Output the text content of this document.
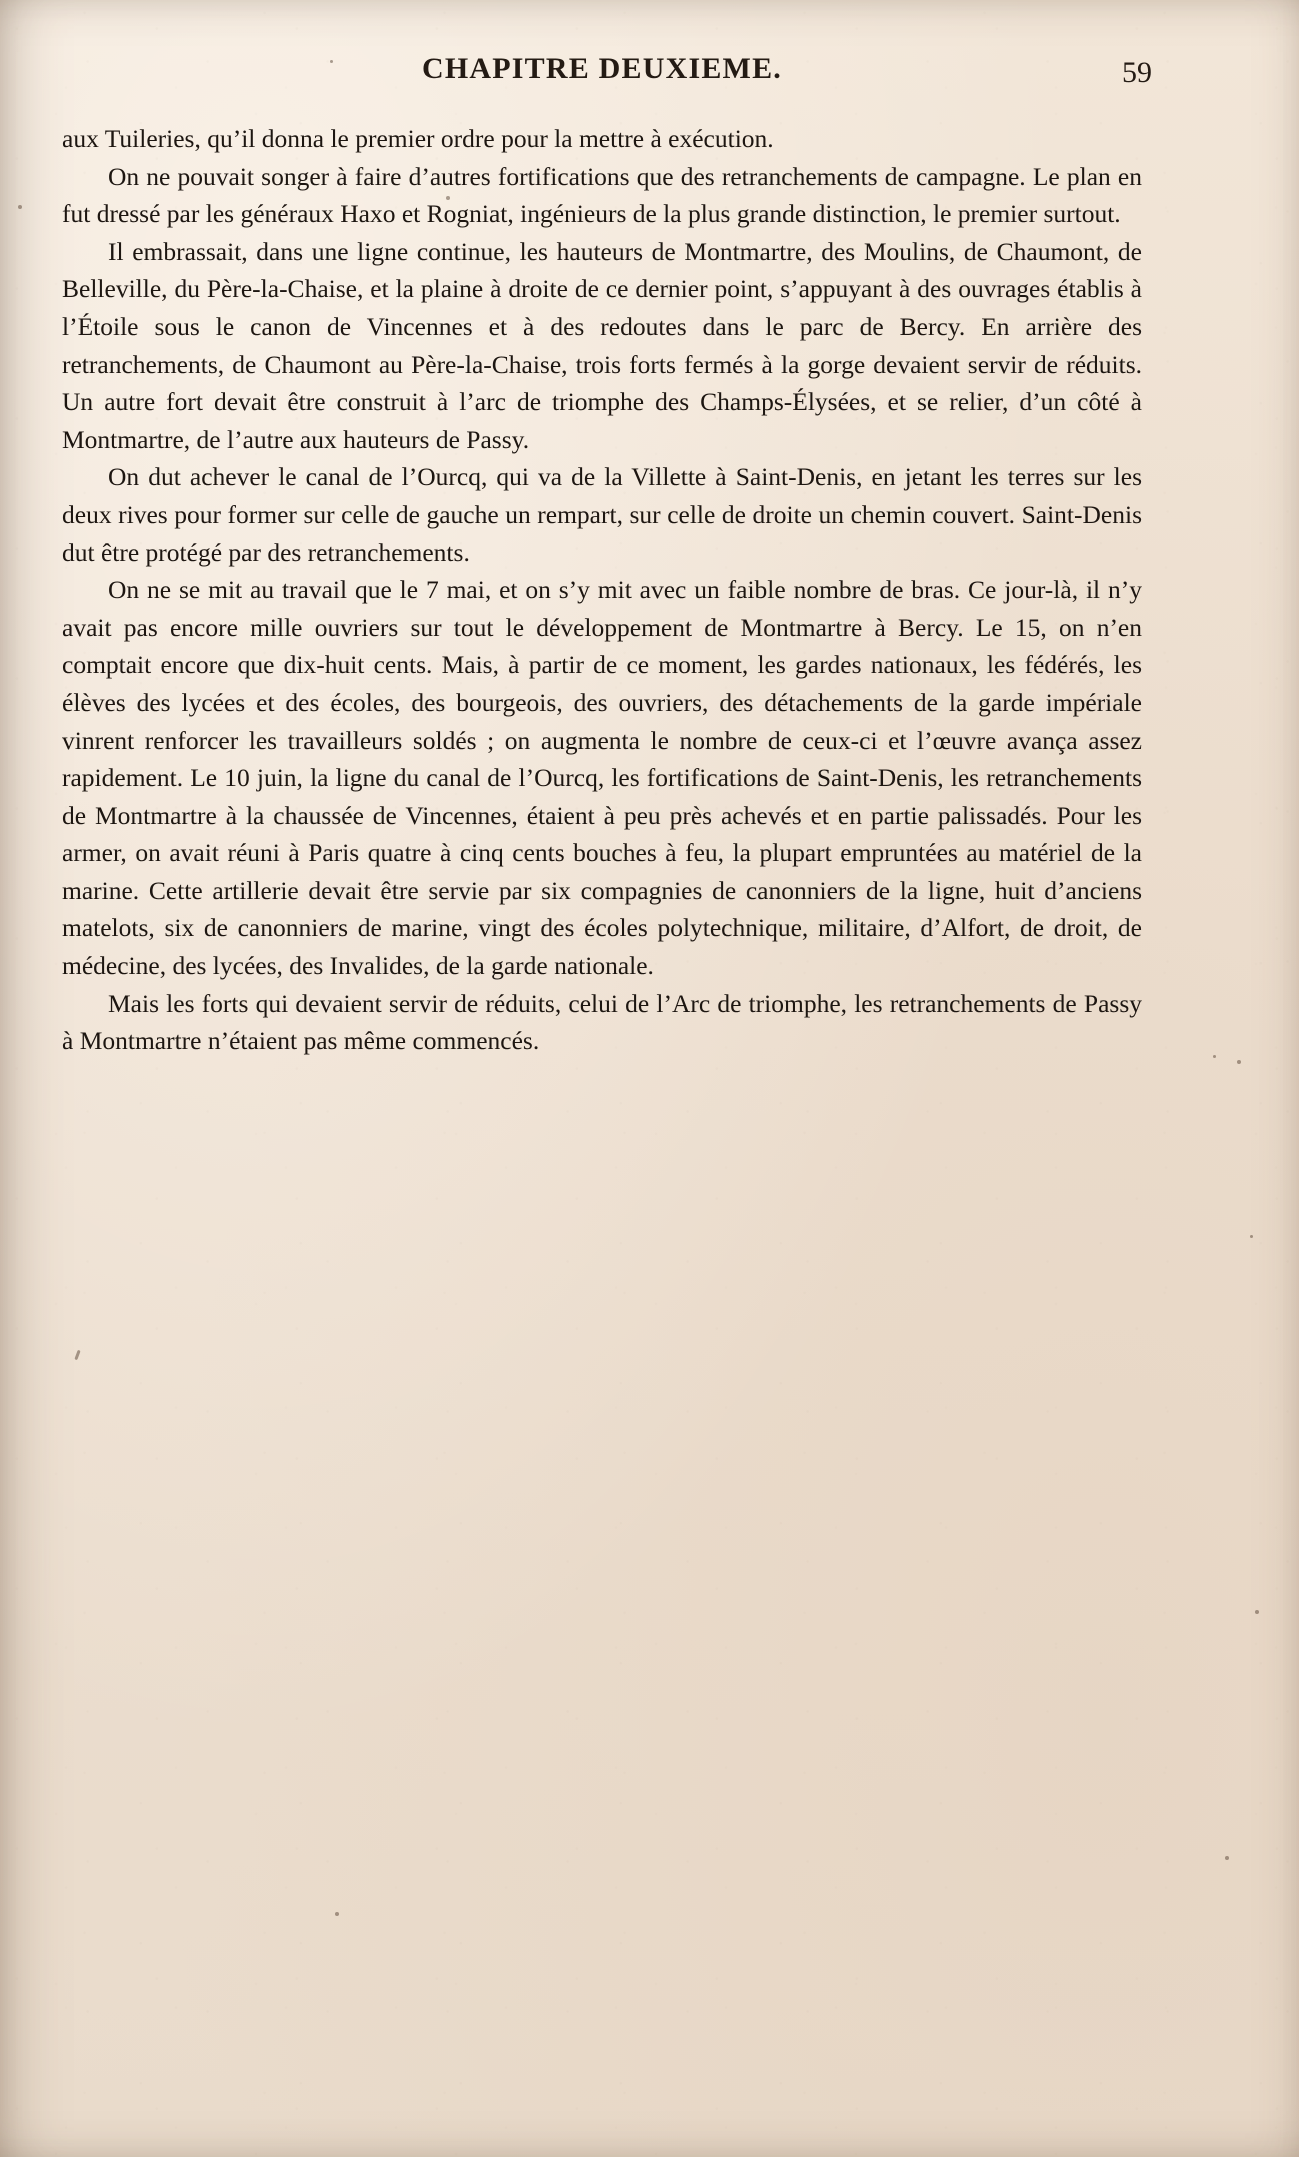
CHAPITRE DEUXIEME.	59

aux Tuileries, qu’il donna le premier ordre pour la mettre à exécution.

On ne pouvait songer à faire d’autres fortifications que des retranchements de campagne. Le plan en fut dressé par les généraux Haxo et Rogniat, ingénieurs de la plus grande distinction, le premier surtout.

Il embrassait, dans une ligne continue, les hauteurs de Montmartre, des Moulins, de Chaumont, de Belleville, du Père-la-Chaise, et la plaine à droite de ce dernier point, s’appuyant à des ouvrages établis à l’Étoile sous le canon de Vincennes et à des redoutes dans le parc de Bercy. En arrière des retranchements, de Chaumont au Père-la-Chaise, trois forts fermés à la gorge devaient servir de réduits. Un autre fort devait être construit à l’arc de triomphe des Champs-Élysées, et se relier, d’un côté à Montmartre, de l’autre aux hauteurs de Passy.

On dut achever le canal de l’Ourcq, qui va de la Villette à Saint-Denis, en jetant les terres sur les deux rives pour former sur celle de gauche un rempart, sur celle de droite un chemin couvert. Saint-Denis dut être protégé par des retranchements.

On ne se mit au travail que le 7 mai, et on s’y mit avec un faible nombre de bras. Ce jour-là, il n’y avait pas encore mille ouvriers sur tout le développement de Montmartre à Bercy. Le 15, on n’en comptait encore que dix-huit cents. Mais, à partir de ce moment, les gardes nationaux, les fédérés, les élèves des lycées et des écoles, des bourgeois, des ouvriers, des détachements de la garde impériale vinrent renforcer les travailleurs soldés ; on augmenta le nombre de ceux-ci et l’œuvre avança assez rapidement. Le 10 juin, la ligne du canal de l’Ourcq, les fortifications de Saint-Denis, les retranchements de Montmartre à la chaussée de Vincennes, étaient à peu près achevés et en partie palissadés. Pour les armer, on avait réuni à Paris quatre à cinq cents bouches à feu, la plupart empruntées au matériel de la marine. Cette artillerie devait être servie par six compagnies de canonniers de la ligne, huit d’anciens matelots, six de canonniers de marine, vingt des écoles polytechnique, militaire, d’Alfort, de droit, de médecine, des lycées, des Invalides, de la garde nationale.

Mais les forts qui devaient servir de réduits, celui de l’Arc de triomphe, les retranchements de Passy à Montmartre n’étaient pas même commencés.
